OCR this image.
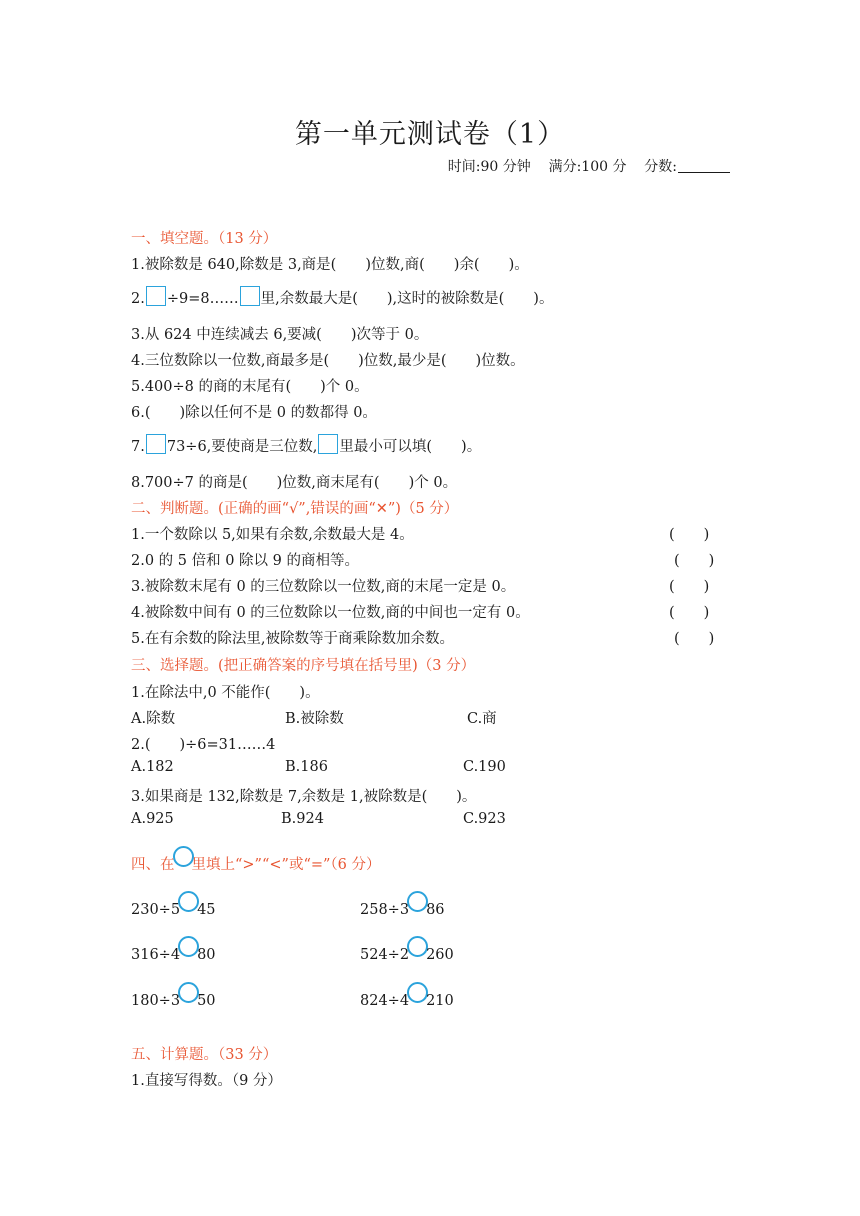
第一单元测试卷（1）
时间:90 分钟 满分:100 分 分数:
一、填空题。（13 分）
1.被除数是 640,除数是 3,商是(　　)位数,商(　　)余(　　)。
2. ÷9=8…… 里,余数最大是(　　),这时的被除数是(　　)。
3.从 624 中连续减去 6,要减(　　)次等于 0。
4.三位数除以一位数,商最多是(　　)位数,最少是(　　)位数。
5.400÷8 的商的末尾有(　　)个 0。
6.(　　)除以任何不是 0 的数都得 0。
7. 73÷6,要使商是三位数, 里最小可以填(　　)。
8.700÷7 的商是(　　)位数,商末尾有(　　)个 0。
二、判断题。(正确的画“√”,错误的画“✕”)（5 分）
1.一个数除以 5,如果有余数,余数最大是 4。	(　　)
2.0 的 5 倍和 0 除以 9 的商相等。	(　　)
3.被除数末尾有 0 的三位数除以一位数,商的末尾一定是 0。	(　　)
4.被除数中间有 0 的三位数除以一位数,商的中间也一定有 0。	(　　)
5.在有余数的除法里,被除数等于商乘除数加余数。	(　　)
三、选择题。(把正确答案的序号填在括号里)（3 分）
1.在除法中,0 不能作(　　)。
A.除数	B.被除数	C.商
2.(　　)÷6=31……4
A.182	B.186	C.190
3.如果商是 132,除数是 7,余数是 1,被除数是(　　)。
A.925	B.924	C.923
四、在 里填上“>”“<”或“=”（6 分）
230÷5 45	258÷3 86
316÷4 80	524÷2 260
180÷3 50	824÷4 210
五、计算题。（33 分）
1.直接写得数。（9 分）
